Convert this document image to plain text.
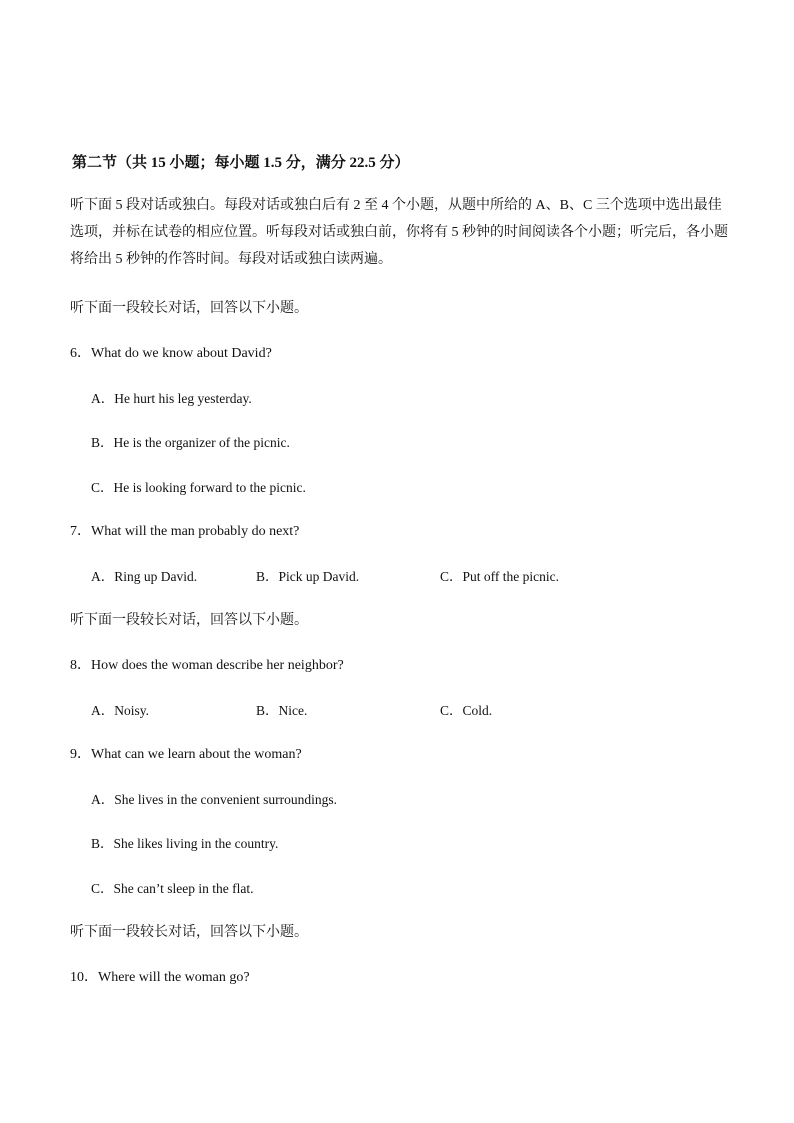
第二节（共 15 小题；每小题 1.5 分，满分 22.5 分）
听下面 5 段对话或独白。每段对话或独白后有 2 至 4 个小题，从题中所给的 A、B、C 三个选项中选出最佳选项，并标在试卷的相应位置。听每段对话或独白前，你将有 5 秒钟的时间阅读各个小题；听完后，各小题将给出 5 秒钟的作答时间。每段对话或独白读两遍。
听下面一段较长对话，回答以下小题。
6．What do we know about David?
A．He hurt his leg yesterday.
B．He is the organizer of the picnic.
C．He is looking forward to the picnic.
7．What will the man probably do next?
A．Ring up David.	B．Pick up David.	C．Put off the picnic.
听下面一段较长对话，回答以下小题。
8．How does the woman describe her neighbor?
A．Noisy.	B．Nice.	C．Cold.
9．What can we learn about the woman?
A．She lives in the convenient surroundings.
B．She likes living in the country.
C．She can’t sleep in the flat.
听下面一段较长对话，回答以下小题。
10．Where will the woman go?
